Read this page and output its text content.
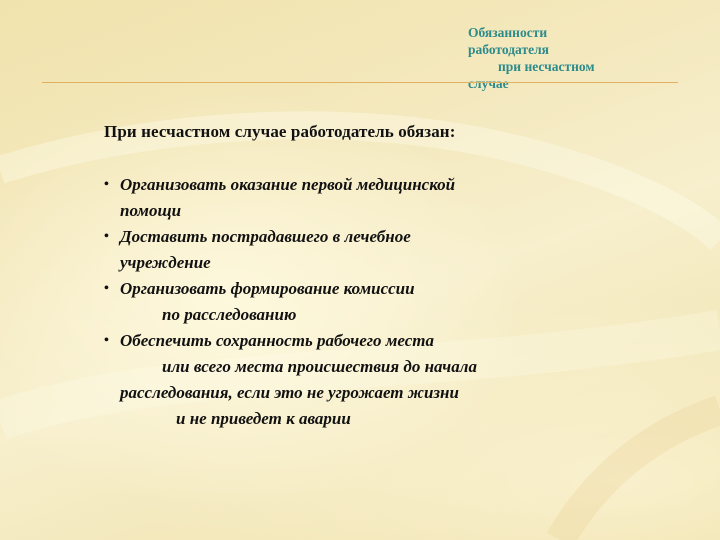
Обязанности
работодателя
при несчастном
случае
При несчастном случае работодатель обязан:
• Организовать оказание первой медицинской
помощи
• Доставить пострадавшего в лечебное
учреждение
• Организовать формирование комиссии
по расследованию
• Обеспечить сохранность рабочего места
или всего места происшествия до начала
расследования, если это не угрожает жизни
и не приведет к аварии
